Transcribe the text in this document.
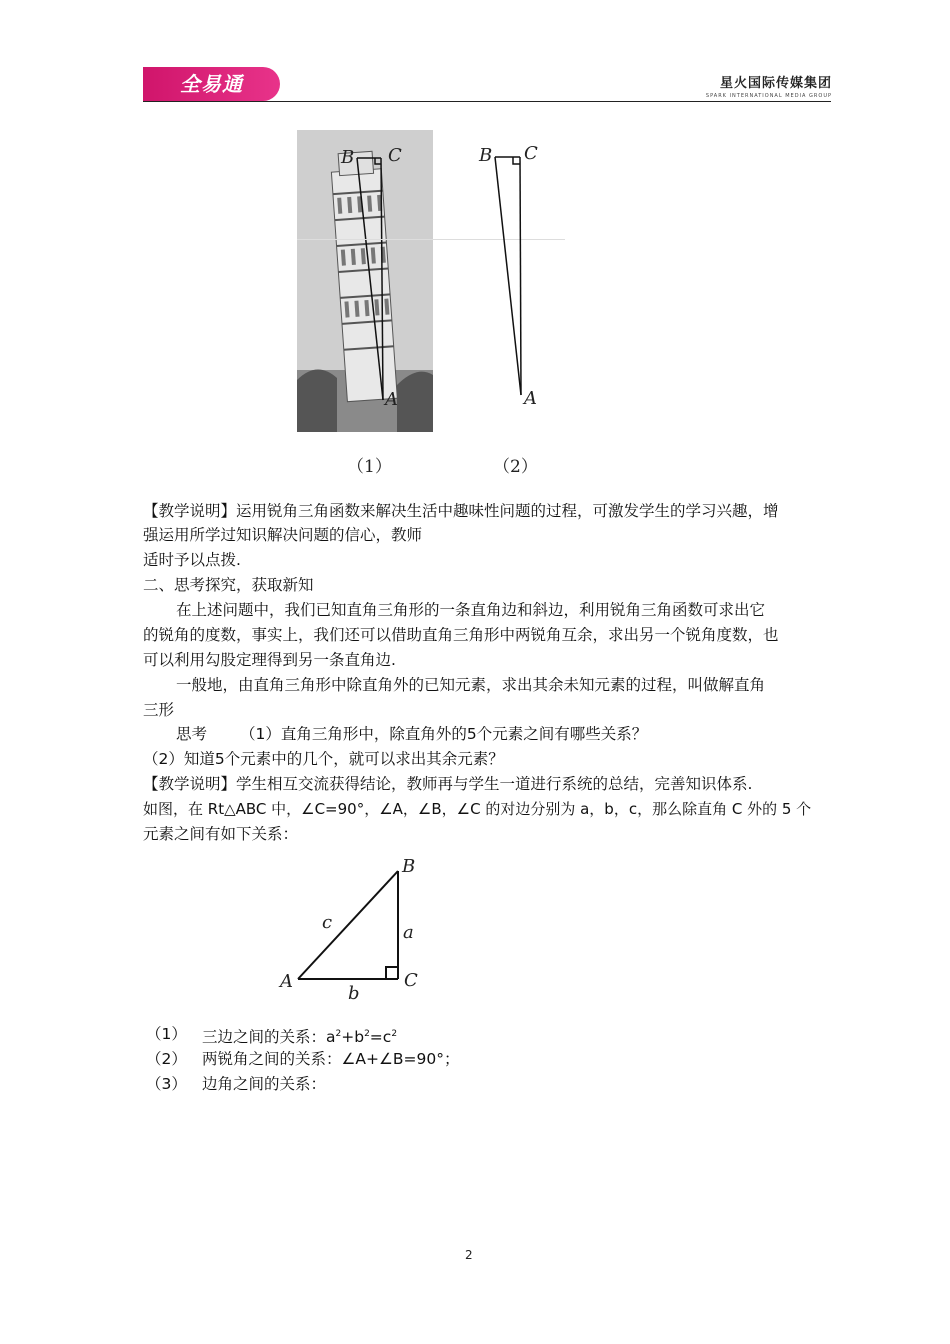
全易通	星火国际传媒集团
SPARK INTERNATIONAL MEDIA GROUP
B C
A
B C
A
（1）	（2）
【教学说明】运用锐角三角函数来解决生活中趣味性问题的过程，可激发学生的学习兴趣，增
强运用所学过知识解决问题的信心，教师
适时予以点拨.
二、思考探究，获取新知
在上述问题中，我们已知直角三角形的一条直角边和斜边，利用锐角三角函数可求出它
的锐角的度数，事实上，我们还可以借助直角三角形中两锐角互余，求出另一个锐角度数，也
可以利用勾股定理得到另一条直角边.
一般地，由直角三角形中除直角外的已知元素，求出其余未知元素的过程，叫做解直角
三形
思考 （1）直角三角形中，除直角外的5个元素之间有哪些关系？
（2）知道5个元素中的几个，就可以求出其余元素？
【教学说明】学生相互交流获得结论，教师再与学生一道进行系统的总结，完善知识体系.
如图，在 Rt△ABC 中，∠C=90°，∠A，∠B，∠C 的对边分别为 a，b，c，那么除直角 C 外的 5 个
元素之间有如下关系：
B
c	a
A	C
b
（1） 三边之间的关系：$a^2+b^2=c^2$
（2） 两锐角之间的关系：∠A+∠B=90°；
（3） 边角之间的关系：
2
